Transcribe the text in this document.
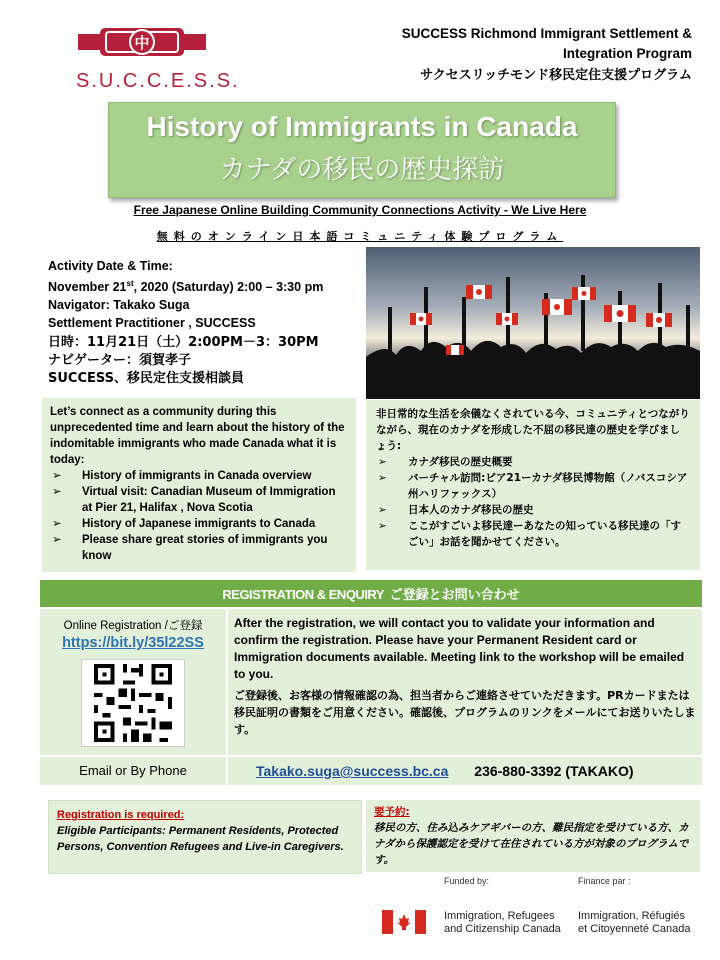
中
S.U.C.C.E.S.S.
SUCCESS Richmond Immigrant Settlement &
Integration Program
サクセスリッチモンド移民定住支援プログラム
History of Immigrants in Canada
カナダの移民の歴史探訪
Free Japanese Online Building Community Connections Activity - We Live Here
無料のオンライン日本語コミュニティ体験プログラム
Activity Date & Time:
November 21st, 2020 (Saturday) 2:00 – 3:30 pm
Navigator: Takako Suga
Settlement Practitioner , SUCCESS
日時：11月21日（土）2:00PM－3：30PM
ナビゲーター：須賀孝子
SUCCESS、移民定住支援相談員
Let’s connect as a community during this unprecedented time and learn about the history of the indomitable immigrants who made Canada what it is today:
➢ History of immigrants in Canada overview
➢ Virtual visit: Canadian Museum of Immigration at Pier 21, Halifax , Nova Scotia
➢ History of Japanese immigrants to Canada
➢ Please share great stories of immigrants you know
非日常的な生活を余儀なくされている今、コミュニティとつながりながら、現在のカナダを形成した不屈の移民達の歴史を学びましょう:
➢ カナダ移民の歴史概要
➢ バーチャル訪問:ピア21ーカナダ移民博物館（ノバスコシア州ハリファックス）
➢ 日本人のカナダ移民の歴史
➢ ここがすごいよ移民達ーあなたの知っている移民達の「すごい」お話を聞かせてください。
REGISTRATION & ENQUIRY ご登録とお問い合わせ
Online Registration /ご登録
https://bit.ly/35l22SS
After the registration, we will contact you to validate your information and confirm the registration. Please have your Permanent Resident card or Immigration documents available. Meeting link to the workshop will be emailed to you.
ご登録後、お客様の情報確認の為、担当者からご連絡させていただきます。PRカードまたは移民証明の書類をご用意ください。確認後、プログラムのリンクをメールにてお送りいたします。
Email or By Phone	Takako.suga@success.bc.ca 236-880-3392 (TAKAKO)
Registration is required:
Eligible Participants: Permanent Residents, Protected Persons, Convention Refugees and Live-in Caregivers.
要予約:
移民の方、住み込みケアギバーの方、難民指定を受けている方、カナダから保護認定を受けて在住されている方が対象のプログラムです。
Funded by:	Finance par :
Immigration, Refugees
and Citizenship Canada
Immigration, Réfugiés
et Citoyenneté Canada
